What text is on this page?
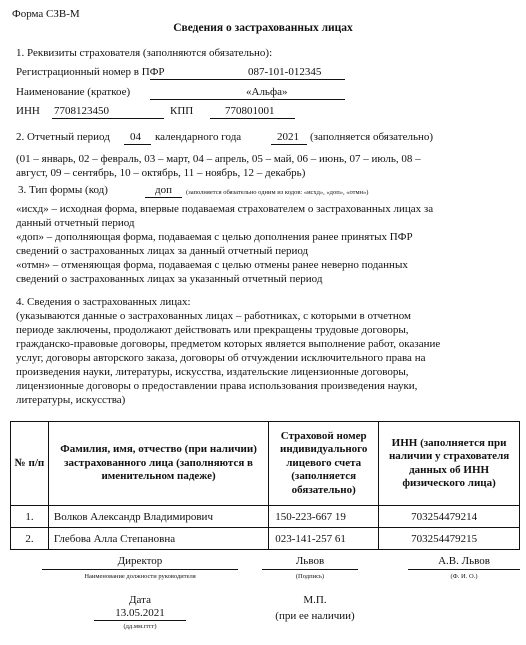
Форма СЗВ-М
Сведения о застрахованных лицах
1. Реквизиты страхователя (заполняются обязательно):
Регистрационный номер в ПФР	087-101-012345
Наименование (краткое)	«Альфа»
ИНН 7708123450	КПП	770801001
2. Отчетный период 04 календарного года	2021 (заполняется обязательно)
(01 – январь, 02 – февраль, 03 – март, 04 – апрель, 05 – май, 06 – июнь, 07 – июль, 08 –
август, 09 – сентябрь, 10 – октябрь, 11 – ноябрь, 12 – декабрь)
3. Тип формы (код)	доп (заполняется обязательно одним из кодов: «исхд», «доп», «отмн»)
«исхд» – исходная форма, впервые подаваемая страхователем о застрахованных лицах за
данный отчетный период
«доп» – дополняющая форма, подаваемая с целью дополнения ранее принятых ПФР
сведений о застрахованных лицах за данный отчетный период
«отмн» – отменяющая форма, подаваемая с целью отмены ранее неверно поданных
сведений о застрахованных лицах за указанный отчетный период
4. Сведения о застрахованных лицах:
(указываются данные о застрахованных лицах – работниках, с которыми в отчетном
периоде заключены, продолжают действовать или прекращены трудовые договоры,
гражданско-правовые договоры, предметом которых является выполнение работ, оказание
услуг, договоры авторского заказа, договоры об отчуждении исключительного права на
произведения науки, литературы, искусства, издательские лицензионные договоры,
лицензионные договоры о предоставлении права использования произведения науки,
литературы, искусства)
№ п/п	Фамилия, имя, отчество (при наличии) застрахованного лица (заполняются в именительном падеже)	Страховой номер индивидуального лицевого счета (заполняется обязательно)	ИНН (заполняется при наличии у страхователя данных об ИНН физического лица)
1.	Волков Александр Владимирович	150-223-667 19	703254479214
2.	Глебова Алла Степановна	023-141-257 61	703254479215
Директор
Наименование должности руководителя
Львов
(Подпись)
А.В. Львов
(Ф. И. О.)
Дата
13.05.2021
(дд.мм.гггг)
М.П.
(при ее наличии)
